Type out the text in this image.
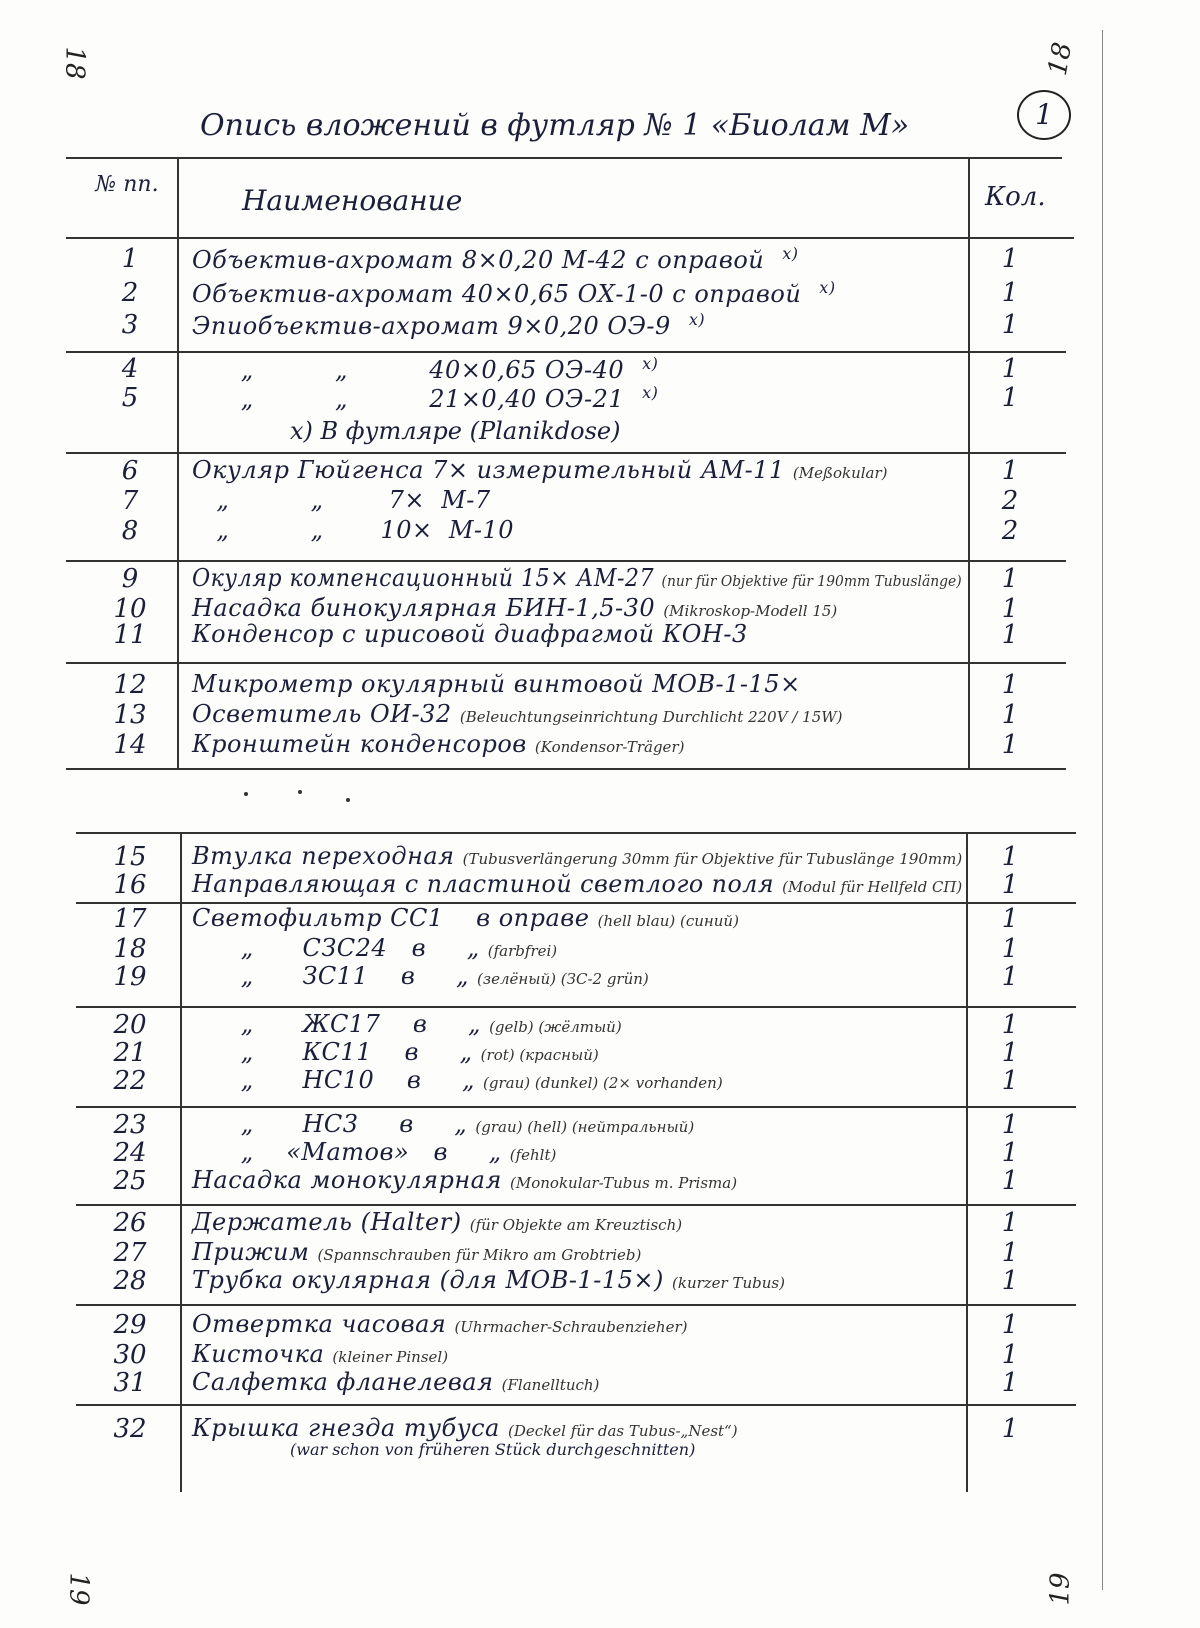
18	18
19	19
Опись вложений в футляр № 1 «Биолам М»	1
№ пп.	Наименование	Кол.
x) В футляре (Planikdose)
(war schon von früheren Stück durchgeschnitten)
1	Объектив-ахромат 8×0,20 М-42 с оправой $^{x)}$	1
2	Объектив-ахромат 40×0,65 ОХ-1-0 с оправой $^{x)}$	1
3	Эпиобъектив-ахромат 9×0,20 ОЭ-9 $^{x)}$	1
4	„          „          40×0,65 ОЭ-40 $^{x)}$	1
5	„          „          21×0,40 ОЭ-21 $^{x)}$	1
6	Окуляр Гюйгенса 7× измерительный АМ-11 (Meßokular)	1
7	„          „        7×  М-7	2
8	„          „       10×  М-10	2
9	Окуляр компенсационный 15× АМ-27 (nur für Objektive für 190mm Tubuslänge)	1
10	Насадка бинокулярная БИН-1,5-30 (Mikroskop-Modell 15)	1
11	Конденсор с ирисовой диафрагмой КОН-3	1
12	Микрометр окулярный винтовой МОВ-1-15×	1
13	Осветитель ОИ-32 (Beleuchtungseinrichtung Durchlicht 220V / 15W)	1
14	Кронштейн конденсоров (Kondensor-Träger)	1
15	Втулка переходная (Tubusverlängerung 30mm für Objektive für Tubuslänge 190mm)	1
16	Направляющая с пластиной светлого поля (Modul für Hellfeld СП)	1
17	Светофильтр СС1    в оправе (hell blau) (синий)	1
18	„      СЗС24   в     „ (farbfrei)	1
19	„      ЗС11    в     „ (зелёный) (ЗС-2 grün)	1
20	„      ЖС17    в     „ (gelb) (жёлтый)	1
21	„      КС11    в     „ (rot) (красный)	1
22	„      НС10    в     „ (grau) (dunkel) (2× vorhanden)	1
23	„      НС3     в     „ (grau) (hell) (нейтральный)	1
24	„    «Матов»   в     „ (fehlt)	1
25	Насадка монокулярная (Monokular-Tubus m. Prisma)	1
26	Держатель (Halter) (für Objekte am Kreuztisch)	1
27	Прижим (Spannschrauben für Mikro am Grobtrieb)	1
28	Трубка окулярная (для МОВ-1-15×) (kurzer Tubus)	1
29	Отвертка часовая (Uhrmacher-Schraubenzieher)	1
30	Кисточка (kleiner Pinsel)	1
31	Салфетка фланелевая (Flanelltuch)	1
32	Крышка гнезда тубуса (Deckel für das Tubus-„Nest“)	1
